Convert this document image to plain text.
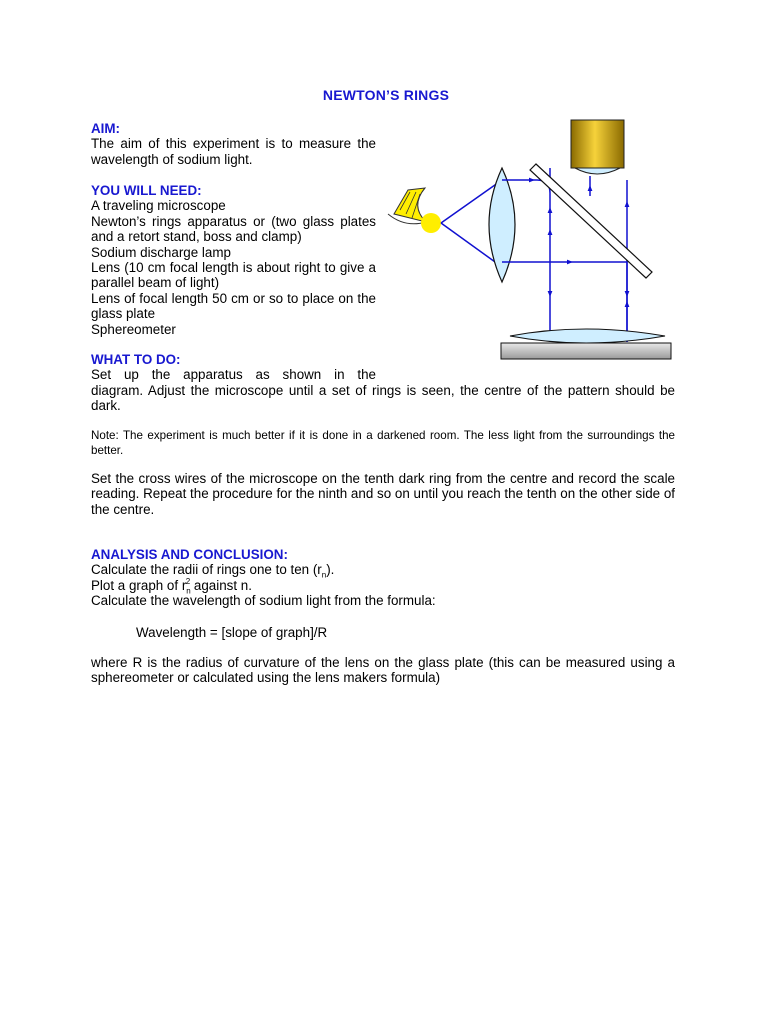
NEWTON’S RINGS
AIM:
The aim of this experiment is to measure the wavelength of sodium light.
YOU WILL NEED:
A traveling microscope
Newton’s rings apparatus or (two glass plates and a retort stand, boss and clamp)
Sodium discharge lamp
Lens (10 cm focal length is about right to give a parallel beam of light)
Lens of focal length 50 cm or so to place on the glass plate
Sphereometer
WHAT TO DO:
Set up the apparatus as shown in the
diagram. Adjust the microscope until a set of rings is seen, the centre of the pattern should be dark.
Note: The experiment is much better if it is done in a darkened room. The less light from the surroundings the better.
Set the cross wires of the microscope on the tenth dark ring from the centre and record the scale reading. Repeat the procedure for the ninth and so on until you reach the tenth on the other side of the centre.
ANALYSIS AND CONCLUSION:
Calculate the radii of rings one to ten $(r_n)$.
Plot a graph of $r_n^2$ against n.
Calculate the wavelength of sodium light from the formula:
Wavelength = [slope of graph]/R
where R is the radius of curvature of the lens on the glass plate (this can be measured using a sphereometer or calculated using the lens makers formula)
